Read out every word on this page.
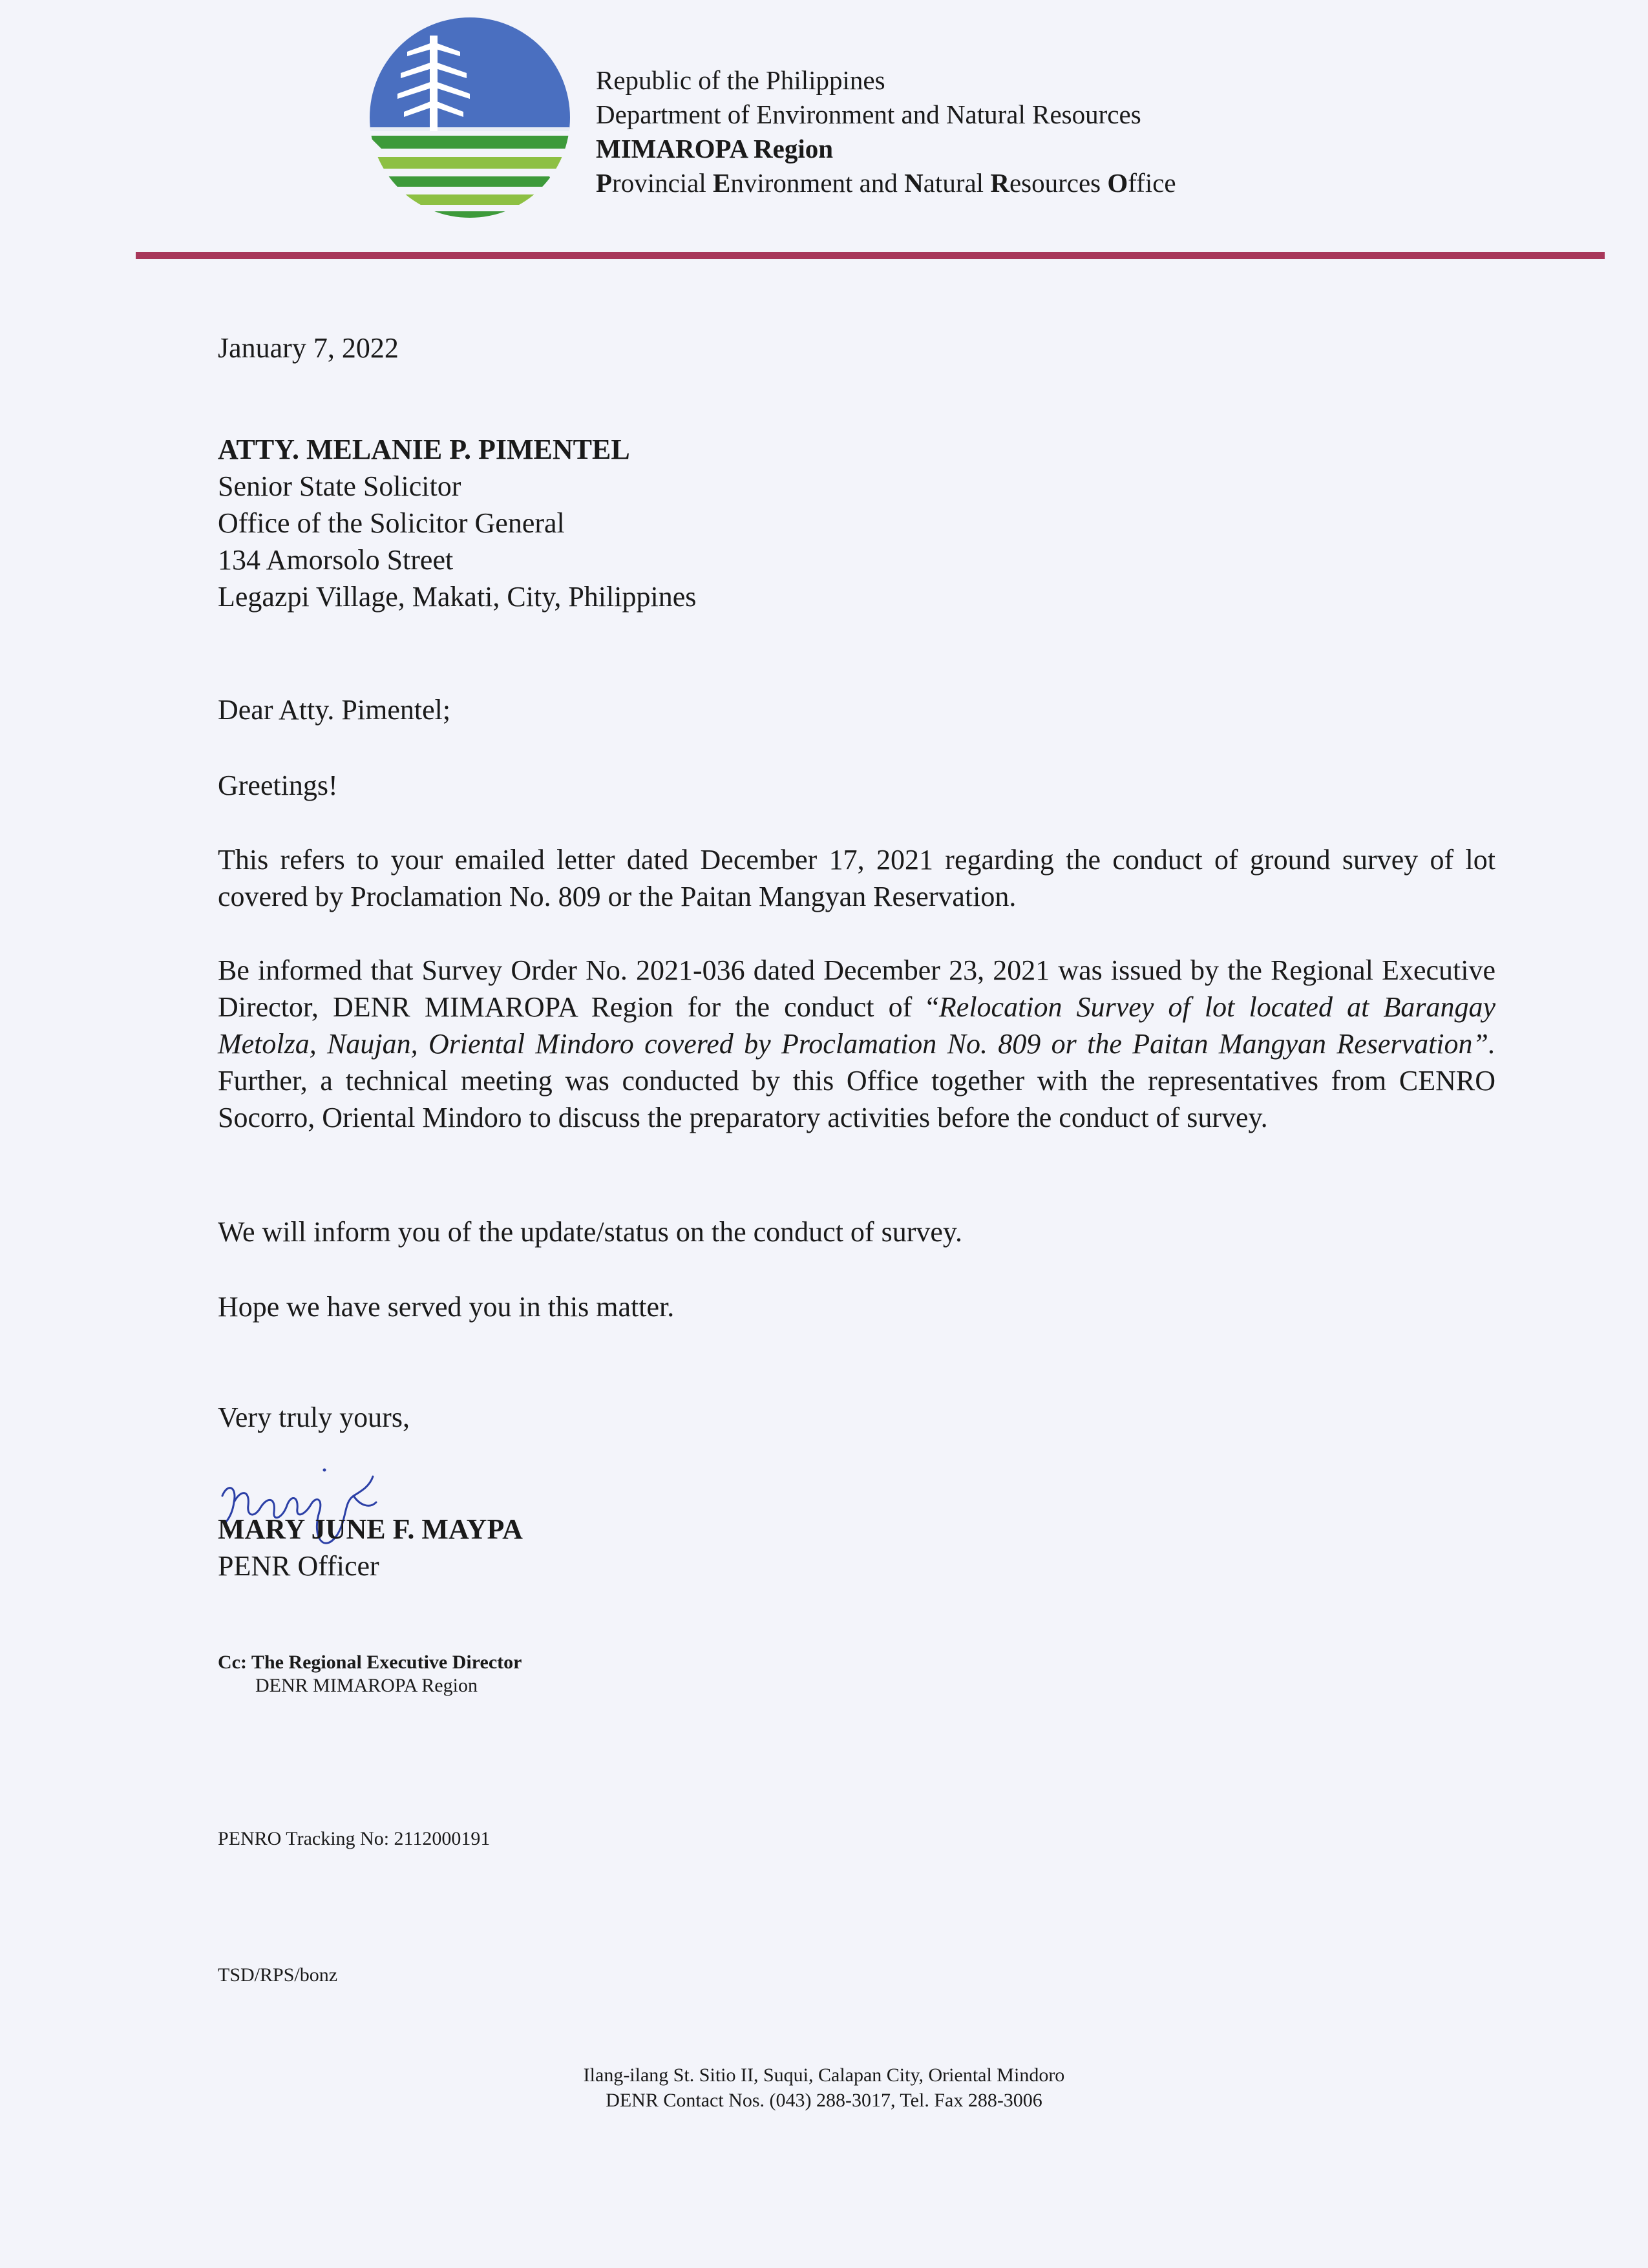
Republic of the Philippines
Department of Environment and Natural Resources
MIMAROPA Region
Provincial Environment and Natural Resources Office
January 7, 2022
ATTY. MELANIE P. PIMENTEL
Senior State Solicitor
Office of the Solicitor General
134 Amorsolo Street
Legazpi Village, Makati, City, Philippines
Dear Atty. Pimentel;
Greetings!
This refers to your emailed letter dated December 17, 2021 regarding the conduct of ground survey of lot covered by Proclamation No. 809 or the Paitan Mangyan Reservation.
Be informed that Survey Order No. 2021-036 dated December 23, 2021 was issued by the Regional Executive Director, DENR MIMAROPA Region for the conduct of “Relocation Survey of lot located at Barangay Metolza, Naujan, Oriental Mindoro covered by Proclamation No. 809 or the Paitan Mangyan Reservation”. Further, a technical meeting was conducted by this Office together with the representatives from CENRO Socorro, Oriental Mindoro to discuss the preparatory activities before the conduct of survey.
We will inform you of the update/status on the conduct of survey.
Hope we have served you in this matter.
Very truly yours,
MARY JUNE F. MAYPA
PENR Officer
Cc: The Regional Executive Director
DENR MIMAROPA Region
PENRO Tracking No: 2112000191
TSD/RPS/bonz
Ilang-ilang St. Sitio II, Suqui, Calapan City, Oriental Mindoro
DENR Contact Nos. (043) 288-3017, Tel. Fax 288-3006
